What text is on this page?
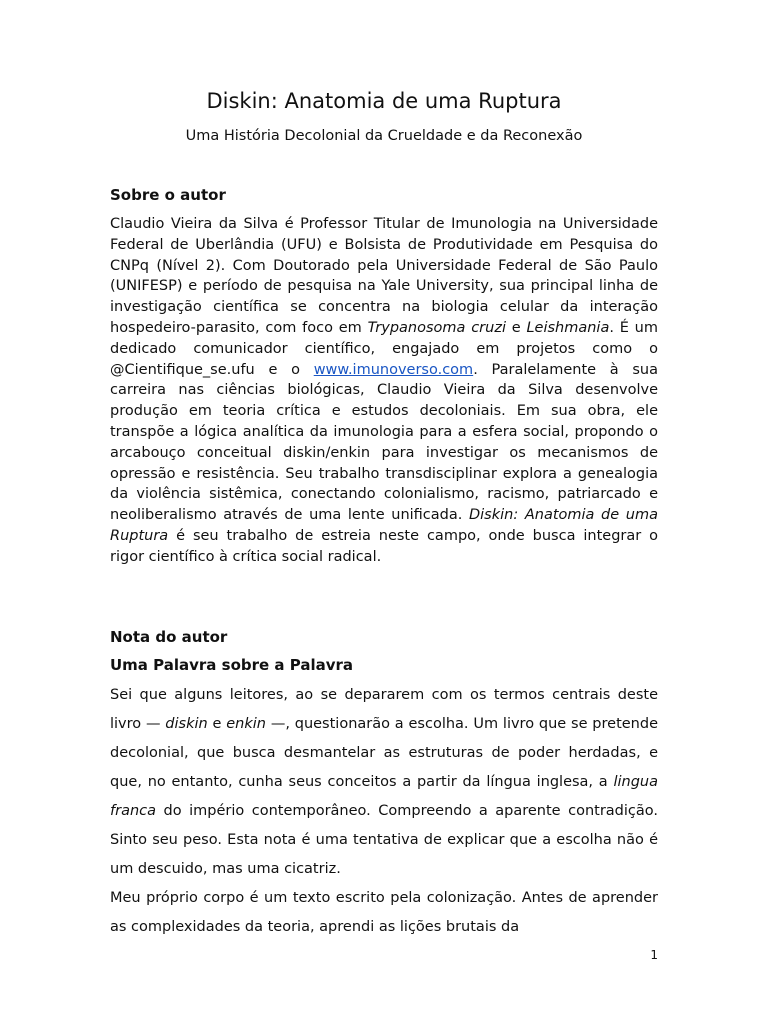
Diskin: Anatomia de uma Ruptura

Uma História Decolonial da Crueldade e da Reconexão

Sobre o autor

Claudio Vieira da Silva é Professor Titular de Imunologia na Universidade Federal de Uberlândia (UFU) e Bolsista de Produtividade em Pesquisa do CNPq (Nível 2). Com Doutorado pela Universidade Federal de São Paulo (UNIFESP) e período de pesquisa na Yale University, sua principal linha de investigação científica se concentra na biologia celular da interação hospedeiro-parasito, com foco em Trypanosoma cruzi e Leishmania. É um dedicado comunicador científico, engajado em projetos como o @Cientifique_se.ufu e o www.imunoverso.com. Paralelamente à sua carreira nas ciências biológicas, Claudio Vieira da Silva desenvolve produção em teoria crítica e estudos decoloniais. Em sua obra, ele transpõe a lógica analítica da imunologia para a esfera social, propondo o arcabouço conceitual diskin/enkin para investigar os mecanismos de opressão e resistência. Seu trabalho transdisciplinar explora a genealogia da violência sistêmica, conectando colonialismo, racismo, patriarcado e neoliberalismo através de uma lente unificada. Diskin: Anatomia de uma Ruptura é seu trabalho de estreia neste campo, onde busca integrar o rigor científico à crítica social radical.

Nota do autor
Uma Palavra sobre a Palavra

Sei que alguns leitores, ao se depararem com os termos centrais deste livro — diskin e enkin —, questionarão a escolha. Um livro que se pretende decolonial, que busca desmantelar as estruturas de poder herdadas, e que, no entanto, cunha seus conceitos a partir da língua inglesa, a lingua franca do império contemporâneo. Compreendo a aparente contradição. Sinto seu peso. Esta nota é uma tentativa de explicar que a escolha não é um descuido, mas uma cicatriz.

Meu próprio corpo é um texto escrito pela colonização. Antes de aprender as complexidades da teoria, aprendi as lições brutais da

1
